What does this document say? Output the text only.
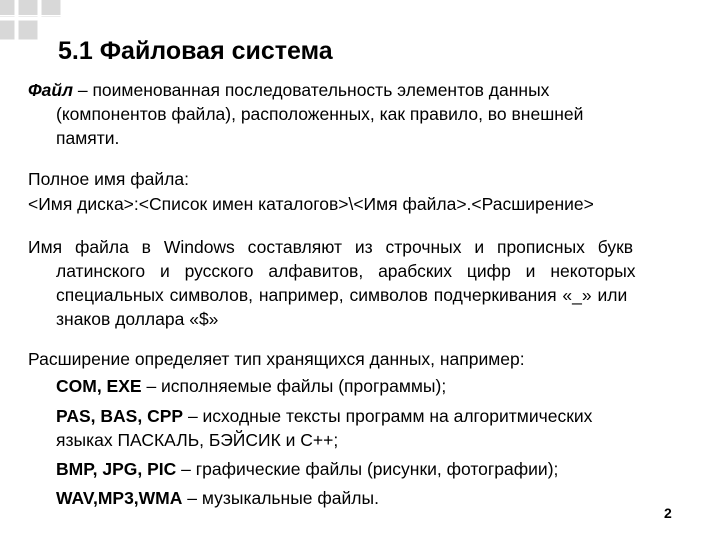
5.1 Файловая система

Файл – поименованная последовательность элементов данных

(компонентов файла), расположенных, как правило, во внешней

памяти.

Полное имя файла:

<Имя диска>:<Список имен каталогов>\<Имя файла>.<Расширение>

Имя файла в Windows составляют из строчных и прописных букв

латинского и русского алфавитов, арабских цифр и некоторых

специальных символов, например, символов подчеркивания «_» или

знаков доллара «$»

Расширение определяет тип хранящихся данных, например:

COM, EXE – исполняемые файлы (программы);

PAS, BAS, CPP – исходные тексты программ на алгоритмических

языках ПАСКАЛЬ, БЭЙСИК и С++;

BMP, JPG, PIC – графические файлы (рисунки, фотографии);

WAV,MP3,WMA – музыкальные файлы.

2
